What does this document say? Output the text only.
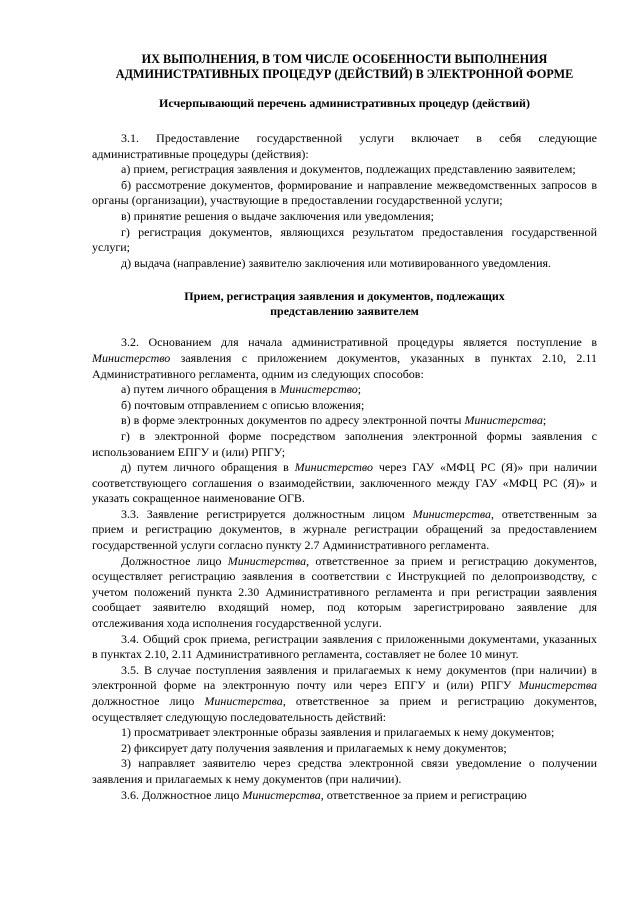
ИХ ВЫПОЛНЕНИЯ, В ТОМ ЧИСЛЕ ОСОБЕННОСТИ ВЫПОЛНЕНИЯ

АДМИНИСТРАТИВНЫХ ПРОЦЕДУР (ДЕЙСТВИЙ) В ЭЛЕКТРОННОЙ ФОРМЕ

Исчерпывающий перечень административных процедур (действий)

3.1. Предоставление государственной услуги включает в себя следующие административные процедуры (действия):

а) прием, регистрация заявления и документов, подлежащих представлению заявителем;

б) рассмотрение документов, формирование и направление межведомственных запросов в органы (организации), участвующие в предоставлении государственной услуги;

в) принятие решения о выдаче заключения или уведомления;

г) регистрация документов, являющихся результатом предоставления государственной услуги;

д) выдача (направление) заявителю заключения или мотивированного уведомления.

Прием, регистрация заявления и документов, подлежащих

представлению заявителем

3.2. Основанием для начала административной процедуры является поступление в Министерство заявления с приложением документов, указанных в пунктах 2.10, 2.11 Административного регламента, одним из следующих способов:

а) путем личного обращения в Министерство;

б) почтовым отправлением с описью вложения;

в) в форме электронных документов по адресу электронной почты Министерства;

г) в электронной форме посредством заполнения электронной формы заявления с использованием ЕПГУ и (или) РПГУ;

д) путем личного обращения в Министерство через ГАУ «МФЦ РС (Я)» при наличии соответствующего соглашения о взаимодействии, заключенного между ГАУ «МФЦ РС (Я)» и указать сокращенное наименование ОГВ.

3.3. Заявление регистрируется должностным лицом Министерства, ответственным за прием и регистрацию документов, в журнале регистрации обращений за предоставлением государственной услуги согласно пункту 2.7 Административного регламента.

Должностное лицо Министерства, ответственное за прием и регистрацию документов, осуществляет регистрацию заявления в соответствии с Инструкцией по делопроизводству, с учетом положений пункта 2.30 Административного регламента и при регистрации заявления сообщает заявителю входящий номер, под которым зарегистрировано заявление для отслеживания хода исполнения государственной услуги.

3.4. Общий срок приема, регистрации заявления с приложенными документами, указанных в пунктах 2.10, 2.11 Административного регламента, составляет не более 10 минут.

3.5. В случае поступления заявления и прилагаемых к нему документов (при наличии) в электронной форме на электронную почту или через ЕПГУ и (или) РПГУ Министерства должностное лицо Министерства, ответственное за прием и регистрацию документов, осуществляет следующую последовательность действий:

1) просматривает электронные образы заявления и прилагаемых к нему документов;

2) фиксирует дату получения заявления и прилагаемых к нему документов;

3) направляет заявителю через средства электронной связи уведомление о получении заявления и прилагаемых к нему документов (при наличии).

3.6. Должностное лицо Министерства, ответственное за прием и регистрацию
